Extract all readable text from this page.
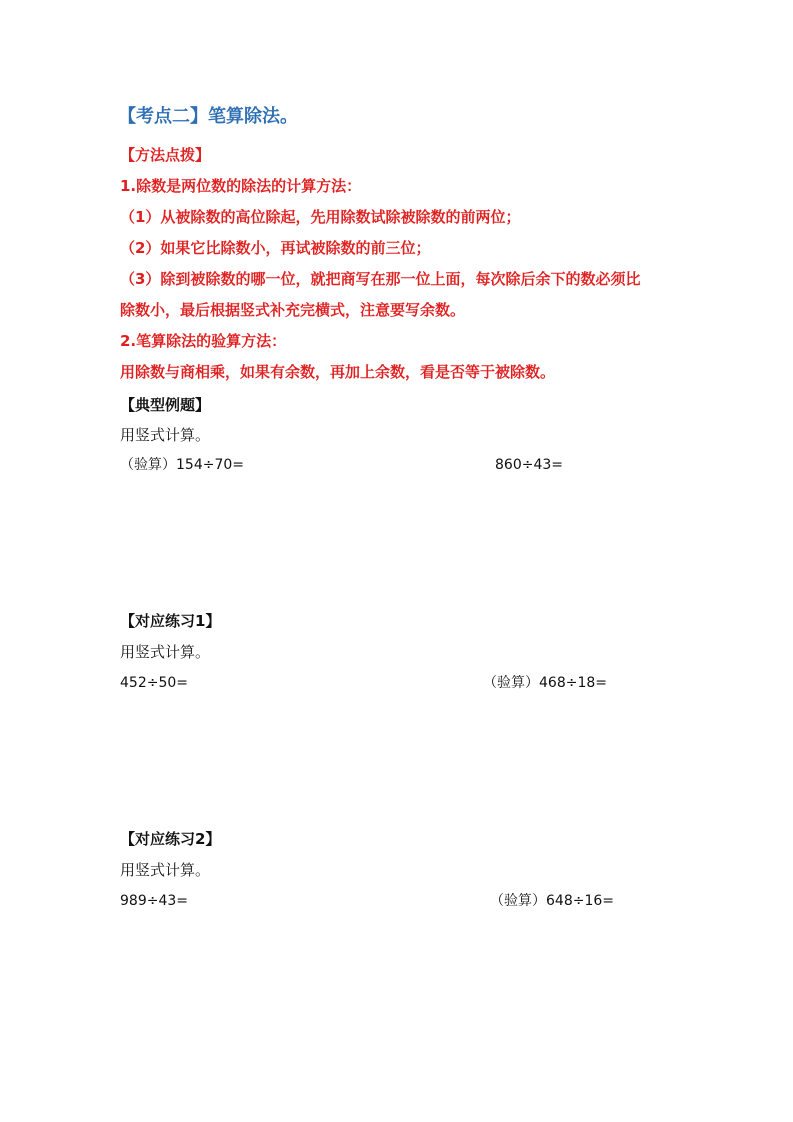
【考点二】笔算除法。
【方法点拨】
1.除数是两位数的除法的计算方法：
（1）从被除数的高位除起，先用除数试除被除数的前两位；
（2）如果它比除数小，再试被除数的前三位；
（3）除到被除数的哪一位，就把商写在那一位上面，每次除后余下的数必须比
除数小，最后根据竖式补充完横式，注意要写余数。
2.笔算除法的验算方法：
用除数与商相乘，如果有余数，再加上余数，看是否等于被除数。
【典型例题】
用竖式计算。
（验算）154÷70=	860÷43=
【对应练习1】
用竖式计算。
452÷50=	（验算）468÷18=
【对应练习2】
用竖式计算。
989÷43=	（验算）648÷16=
